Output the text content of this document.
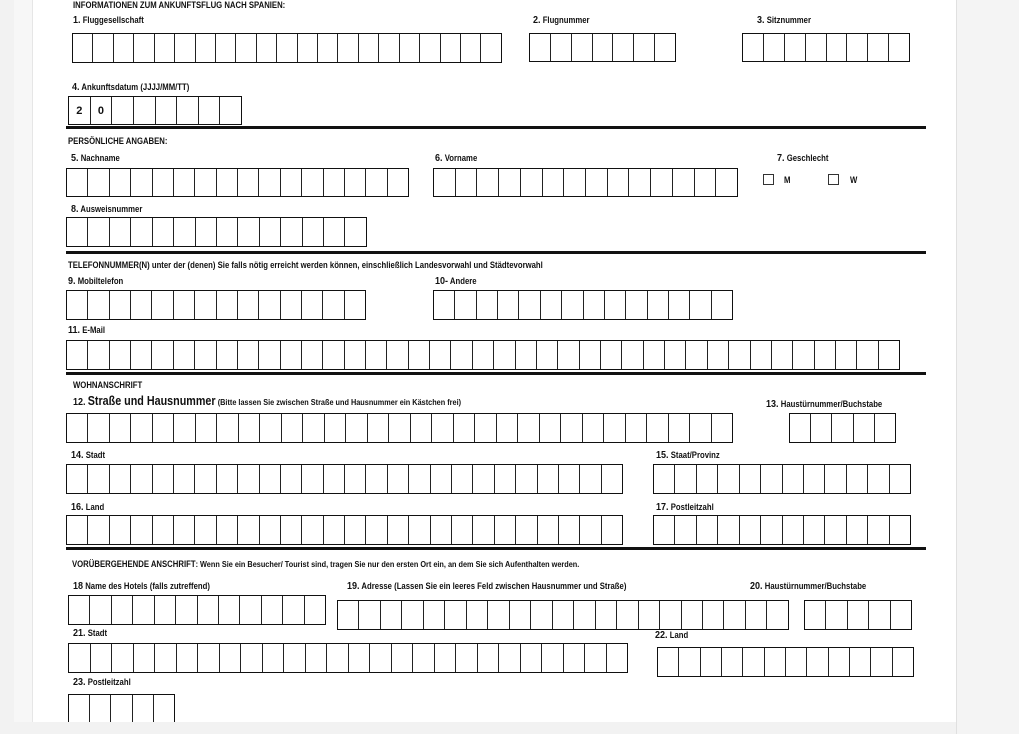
INFORMATIONEN ZUM ANKUNFTSFLUG NACH SPANIEN:
1. Fluggesellschaft	2. Flugnummer	3. Sitznummer
4. Ankunftsdatum (JJJJ/MM/TT)
2	0
PERSÖNLICHE ANGABEN:
5. Nachname	6. Vorname	7. Geschlecht
M	W
8. Ausweisnummer
TELEFONNUMMER(N) unter der (denen) Sie falls nötig erreicht werden können, einschließlich Landesvorwahl und Städtevorwahl
9. Mobiltelefon	10- Andere
11. E-Mail
WOHNANSCHRIFT
12. Straße und Hausnummer (Bitte lassen Sie zwischen Straße und Hausnummer ein Kästchen frei)	13. Haustürnummer/Buchstabe
14. Stadt	15. Staat/Provinz
16. Land	17. Postleitzahl
VORÜBERGEHENDE ANSCHRIFT: Wenn Sie ein Besucher/ Tourist sind, tragen Sie nur den ersten Ort ein, an dem Sie sich Aufenthalten werden.
18 Name des Hotels (falls zutreffend)	19. Adresse (Lassen Sie ein leeres Feld zwischen Hausnummer und Straße)	20. Haustürnummer/Buchstabe
21. Stadt	22. Land
23. Postleitzahl
